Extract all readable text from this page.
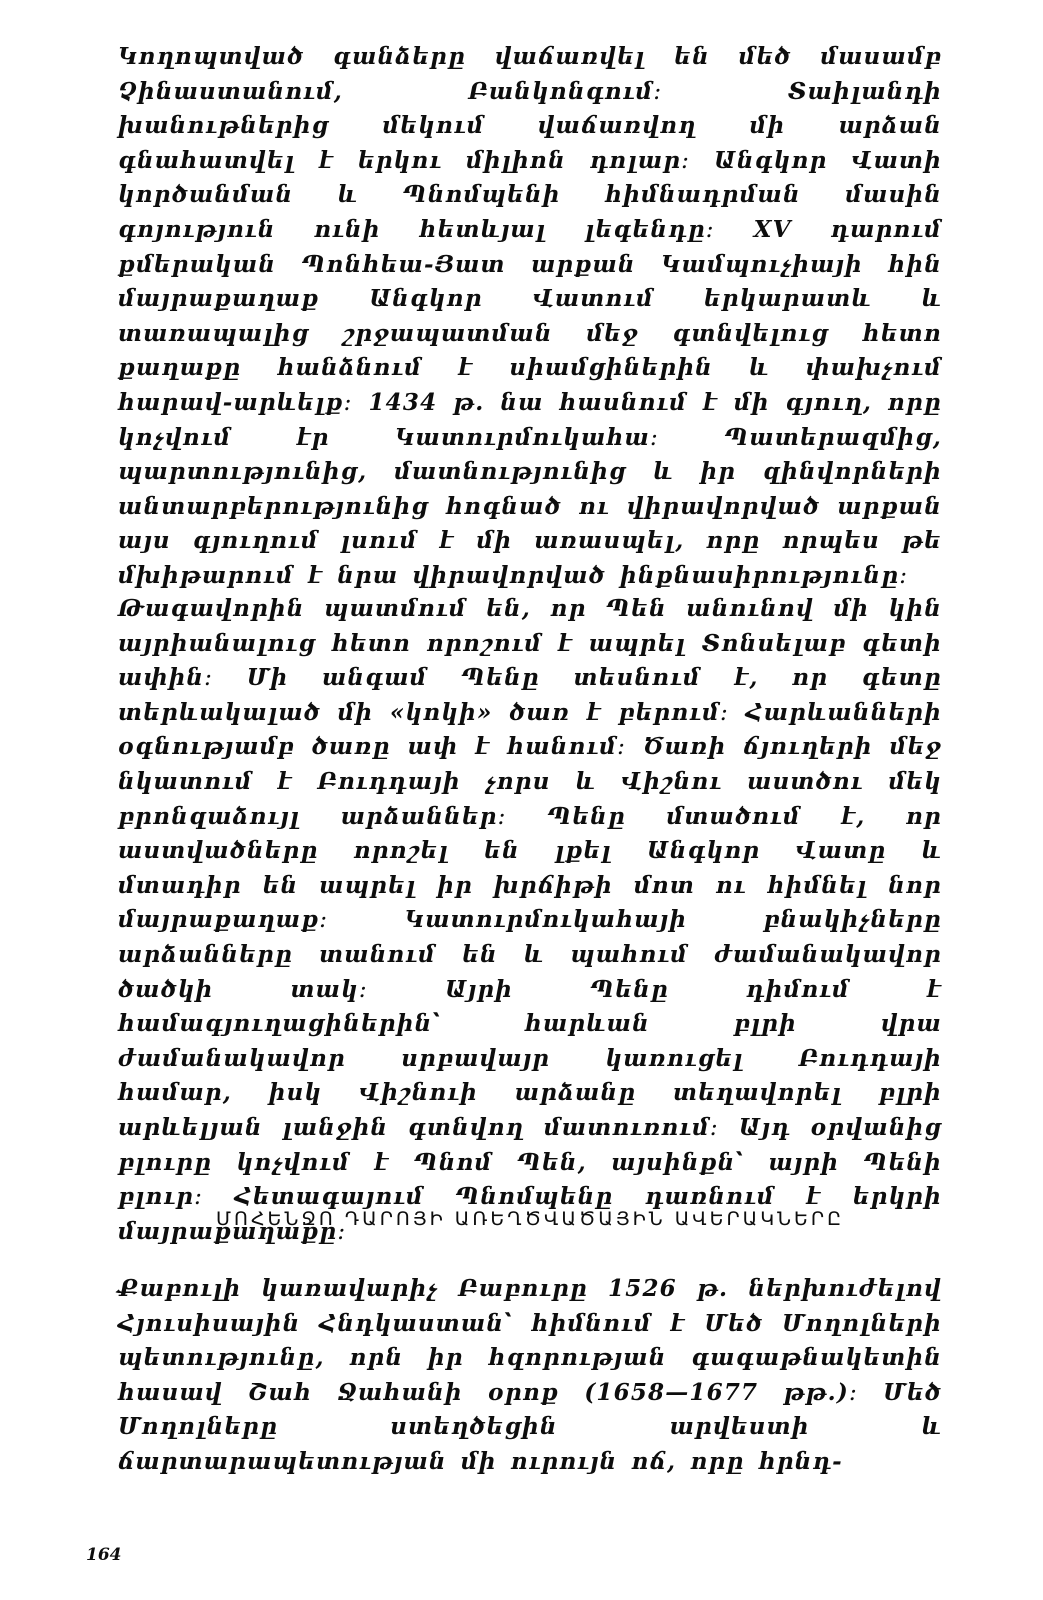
Կողոպտված գանձերը վաճառվել են մեծ մասամբ Չինաստանում, Բանկոնգում։ Տաիլանդի խանութներից մեկում վաճառվող մի արձան գնահատվել է երկու միլիոն դոլար։ Անգկոր Վատի կործանման և Պնոմպենի հիմնադրման մասին գոյություն ունի հետևյալ լեգենդը։ XV դարում քմերական Պոնհեա-Յատ արքան Կամպուչիայի հին մայրաքաղաք Անգկոր Վատում երկարատև և տառապալից շրջապատման մեջ գտնվելուց հետո քաղաքը հանձնում է սիամցիներին և փախչում հարավ-արևելք։ 1434 թ. նա հասնում է մի գյուղ, որը կոչվում էր Կատուրմուկահա։ Պատերազմից, պարտությունից, մատնությունից և իր զինվորների անտարբերությունից հոգնած ու վիրավորված արքան այս գյուղում լսում է մի առասպել, որը որպես թե մխիթարում է նրա վիրավորված ինքնասիրությունը։

Թագավորին պատմում են, որ Պեն անունով մի կին այրիանալուց հետո որոշում է ապրել Տոնսելաբ գետի ափին։ Մի անգամ Պենը տեսնում է, որ գետը տերևակալած մի «կոկի» ծառ է բերում։ Հարևանների օգնությամբ ծառը ափ է հանում։ Ծառի ճյուղերի մեջ նկատում է Բուդդայի չորս և Վիշնու աստծու մեկ բրոնզաձույլ արձաններ։ Պենը մտածում է, որ աստվածները որոշել են լքել Անգկոր Վատը և մտադիր են ապրել իր խրճիթի մոտ ու հիմնել նոր մայրաքաղաք։ Կատուրմուկահայի բնակիչները արձանները տանում են և պահում ժամանակավոր ծածկի տակ։ Այրի Պենը դիմում է համագյուղացիներին՝ հարևան բլրի վրա ժամանակավոր սրբավայր կառուցել Բուդդայի համար, իսկ Վիշնուի արձանը տեղավորել բլրի արևելյան լանջին գտնվող մատուռում։ Այդ օրվանից բլուրը կոչվում է Պնոմ Պեն, այսինքն՝ այրի Պենի բլուր։ Հետագայում Պնոմպենը դառնում է երկրի մայրաքաղաքը։

ՄՈՀԵՆՋՈ ԴԱՐՈՅԻ ԱՌԵՂԾՎԱԾԱՅԻՆ ԱՎԵՐԱԿՆԵՐԸ

Քաբուլի կառավարիչ Բաբուրը 1526 թ. ներխուժելով Հյուսիսային Հնդկաստան՝ հիմնում է Մեծ Մողոլների պետությունը, որն իր հզորության գագաթնակետին հասավ Շահ Ջահանի օրոք (1658—1677 թթ.)։ Մեծ Մողոլները ստեղծեցին արվեստի և ճարտարապետության մի ուրույն ոճ, որը հրնդ-

164
